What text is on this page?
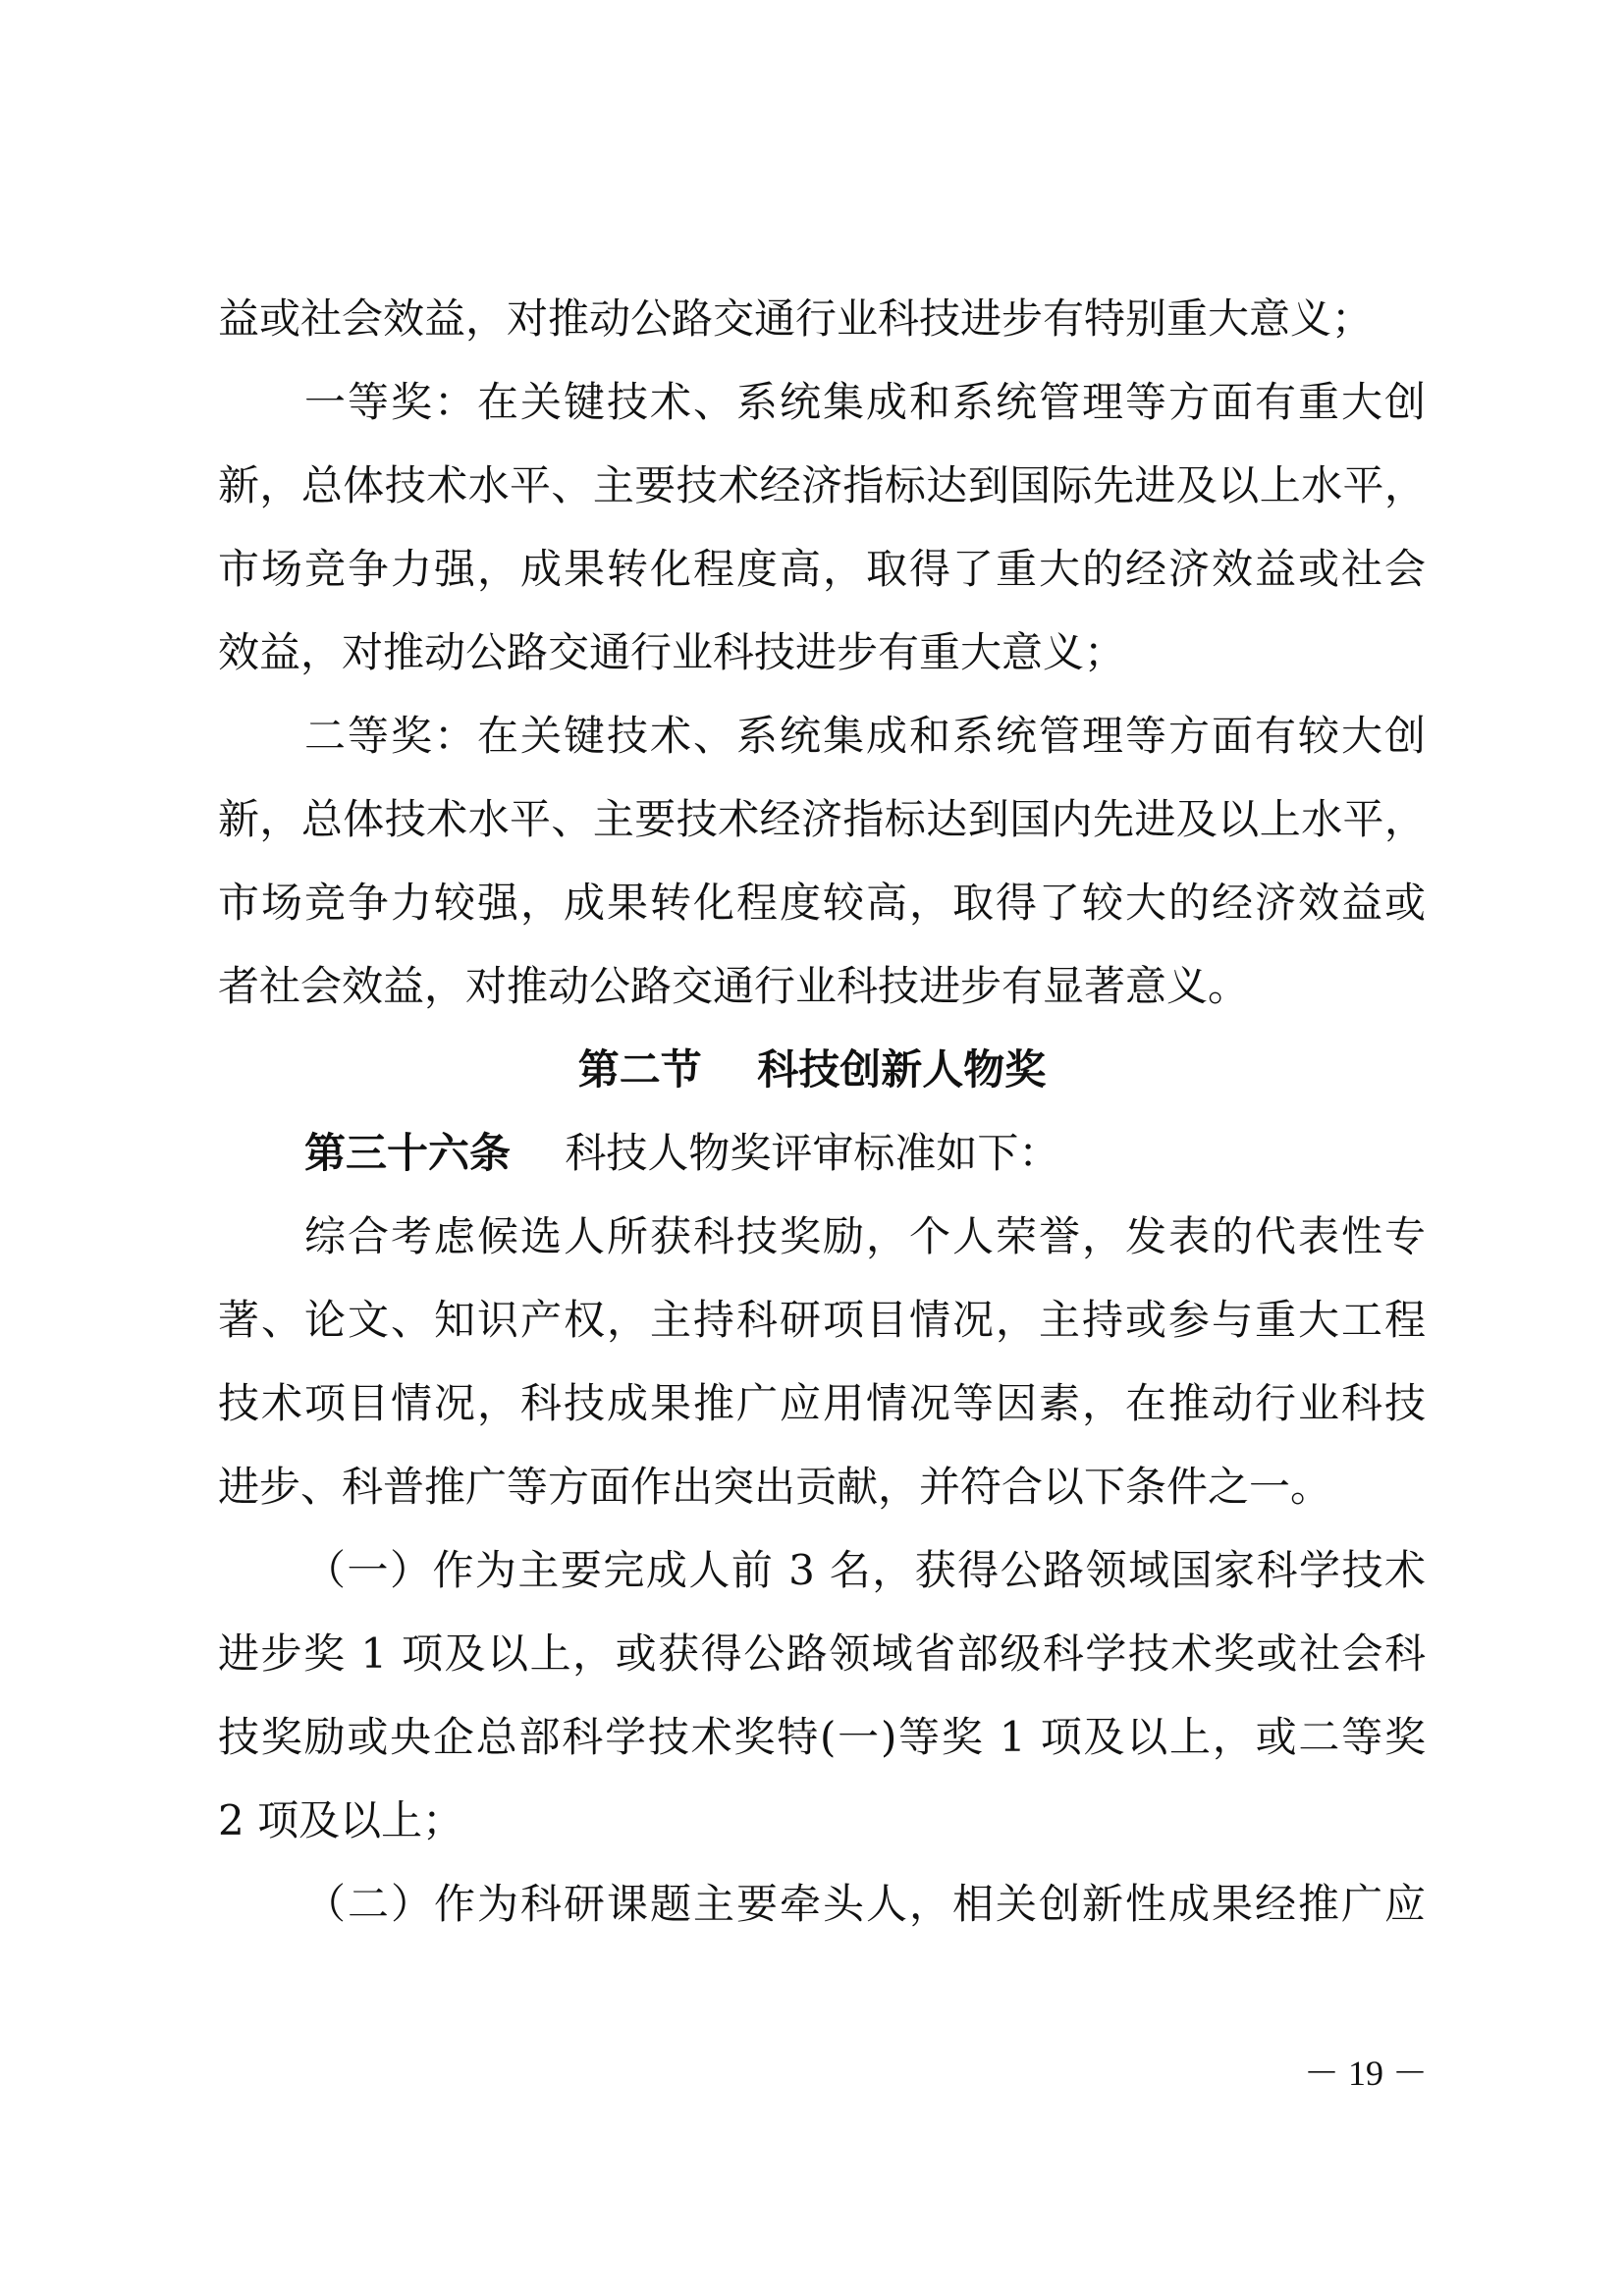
益或社会效益，对推动公路交通行业科技进步有特别重大意义；
一等奖：在关键技术、系统集成和系统管理等方面有重大创
新，总体技术水平、主要技术经济指标达到国际先进及以上水平，
市场竞争力强，成果转化程度高，取得了重大的经济效益或社会
效益，对推动公路交通行业科技进步有重大意义；
二等奖：在关键技术、系统集成和系统管理等方面有较大创
新，总体技术水平、主要技术经济指标达到国内先进及以上水平，
市场竞争力较强，成果转化程度较高，取得了较大的经济效益或
者社会效益，对推动公路交通行业科技进步有显著意义。
第二节　 科技创新人物奖
第三十六条　 科技人物奖评审标准如下：
综合考虑候选人所获科技奖励，个人荣誉，发表的代表性专
著、论文、知识产权，主持科研项目情况，主持或参与重大工程
技术项目情况，科技成果推广应用情况等因素，在推动行业科技
进步、科普推广等方面作出突出贡献，并符合以下条件之一。
（一）作为主要完成人前 3 名，获得公路领域国家科学技术
进步奖 1 项及以上，或获得公路领域省部级科学技术奖或社会科
技奖励或央企总部科学技术奖特(一)等奖 1 项及以上，或二等奖
2 项及以上；
（二）作为科研课题主要牵头人，相关创新性成果经推广应
－ 19 －
